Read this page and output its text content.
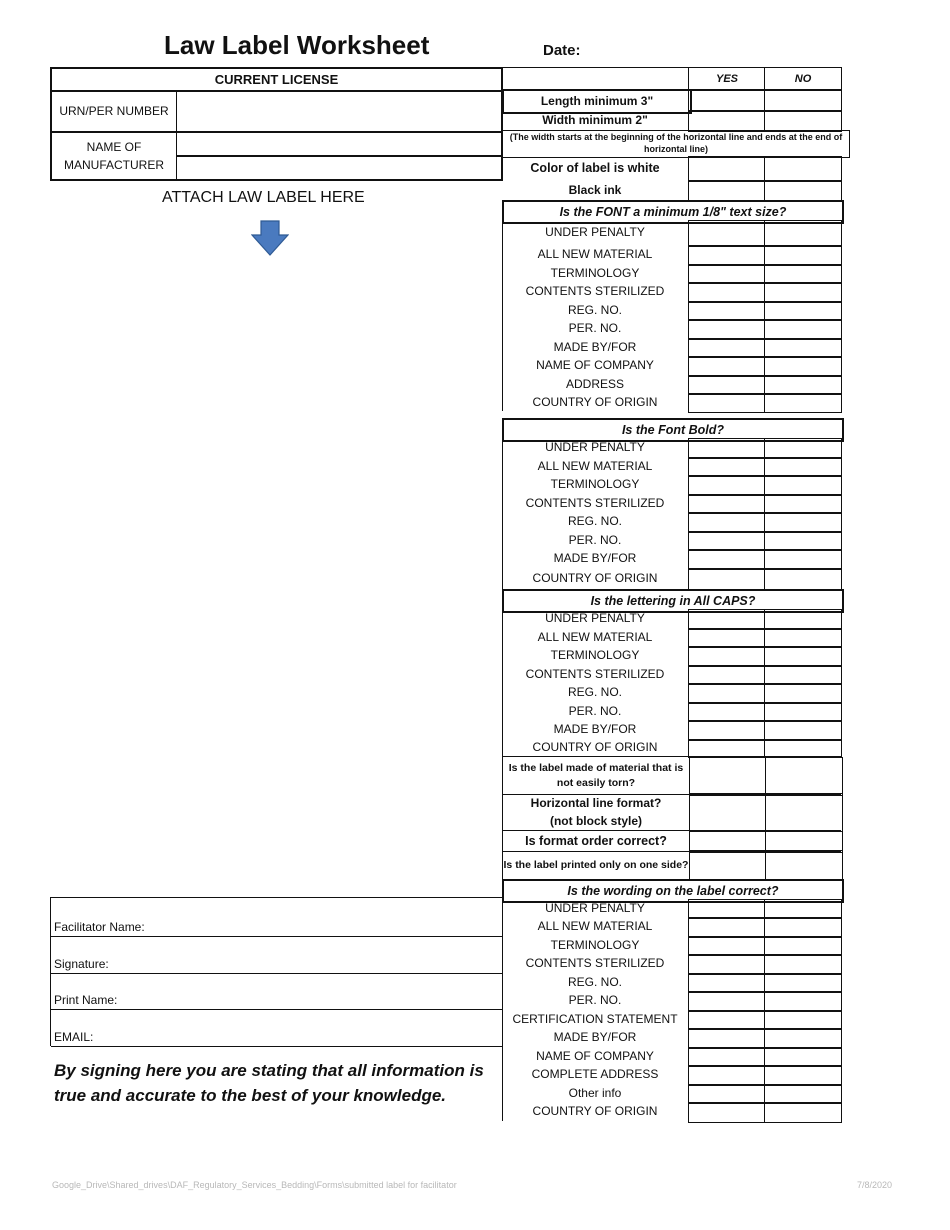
Law Label Worksheet	Date:
CURRENT LICENSE
URN/PER NUMBER
NAME OF MANUFACTURER
ATTACH LAW LABEL HERE
YES	NO
Length minimum 3"
Width minimum 2"
(The width starts at the beginning of the horizontal line and ends at the end of horizontal line)
Color of label is white
Black ink
Is the FONT a minimum 1/8" text size?
UNDER PENALTY
ALL NEW MATERIAL
TERMINOLOGY
CONTENTS STERILIZED
REG. NO.
PER. NO.
MADE BY/FOR
NAME OF COMPANY
ADDRESS
COUNTRY OF ORIGIN
Is the Font Bold?
UNDER PENALTY
ALL NEW MATERIAL
TERMINOLOGY
CONTENTS STERILIZED
REG. NO.
PER. NO.
MADE BY/FOR
COUNTRY OF ORIGIN
Is the lettering in All CAPS?
UNDER PENALTY
ALL NEW MATERIAL
TERMINOLOGY
CONTENTS STERILIZED
REG. NO.
PER. NO.
MADE BY/FOR
COUNTRY OF ORIGIN
Is the label made of material that is not easily torn?
Horizontal line format?
(not block style)
Is format order correct?
Is the label printed only on one side?
Is the wording on the label correct?
UNDER PENALTY
ALL NEW MATERIAL
TERMINOLOGY
CONTENTS STERILIZED
REG. NO.
PER. NO.
CERTIFICATION STATEMENT
MADE BY/FOR
NAME OF COMPANY
COMPLETE ADDRESS
Other info
COUNTRY OF ORIGIN
Facilitator Name:
Signature:
Print Name:
EMAIL:
By signing here you are stating that all information is true and accurate to the best of your knowledge.
Google_Drive\Shared_drives\DAF_Regulatory_Services_Bedding\Forms\submitted label for facilitator	7/8/2020
